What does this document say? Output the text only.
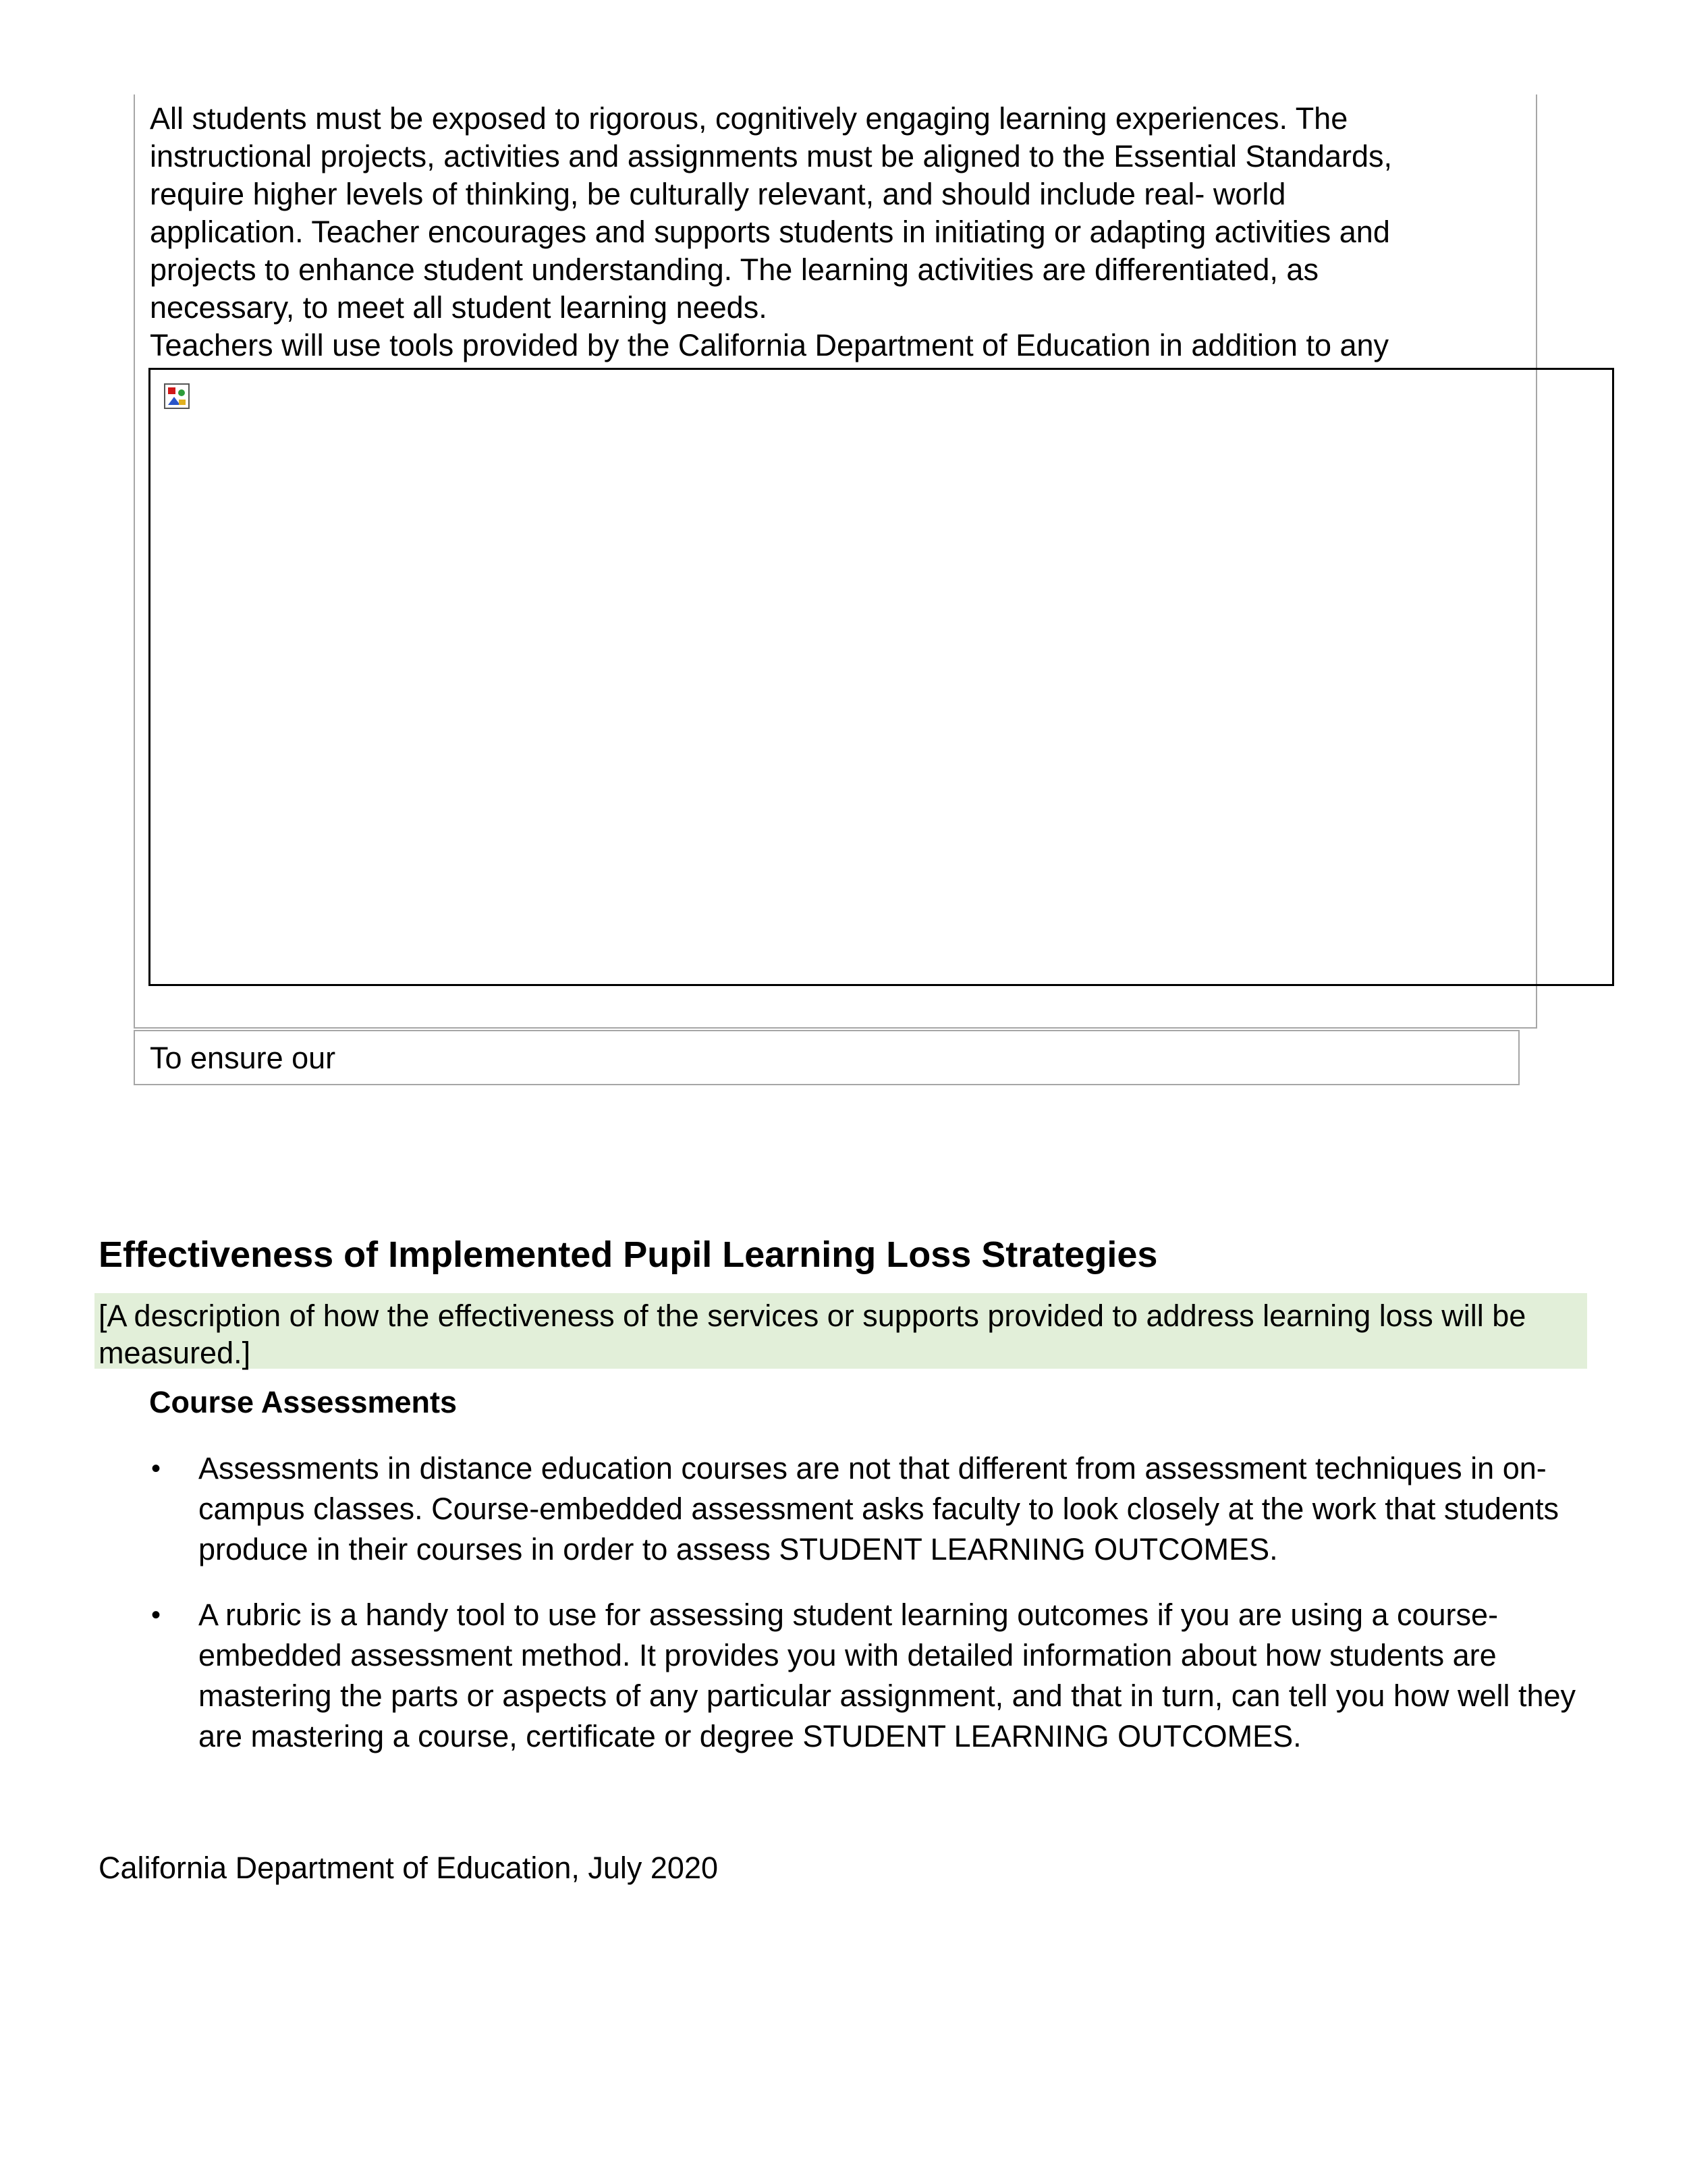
All students must be exposed to rigorous, cognitively engaging learning experiences. The
instructional projects, activities and assignments must be aligned to the Essential Standards,
require higher levels of thinking, be culturally relevant, and should include real- world
application. Teacher encourages and supports students in initiating or adapting activities and
projects to enhance student understanding. The learning activities are differentiated, as
necessary, to meet all student learning needs.
Teachers will use tools provided by the California Department of Education in addition to any

To ensure our
Effectiveness of Implemented Pupil Learning Loss Strategies
[A description of how the effectiveness of the services or supports provided to address learning loss will be measured.]
Course Assessments
• Assessments in distance education courses are not that different from assessment techniques in on-campus classes. Course-embedded assessment asks faculty to look closely at the work that students produce in their courses in order to assess STUDENT LEARNING OUTCOMES.
• A rubric is a handy tool to use for assessing student learning outcomes if you are using a course-embedded assessment method. It provides you with detailed information about how students are mastering the parts or aspects of any particular assignment, and that in turn, can tell you how well they are mastering a course, certificate or degree STUDENT LEARNING OUTCOMES.

California Department of Education, July 2020
